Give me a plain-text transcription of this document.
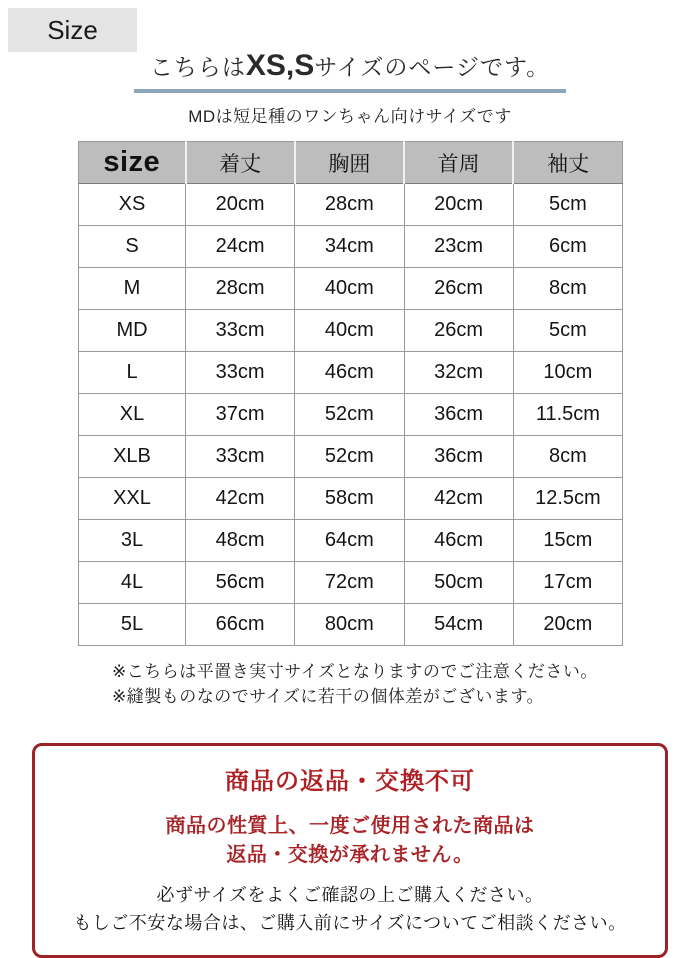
Size
こちらはXS,Sサイズのページです。
MDは短足種のワンちゃん向けサイズです
size	着丈	胸囲	首周	袖丈
XS	20cm	28cm	20cm	5cm
S	24cm	34cm	23cm	6cm
M	28cm	40cm	26cm	8cm
MD	33cm	40cm	26cm	5cm
L	33cm	46cm	32cm	10cm
XL	37cm	52cm	36cm	11.5cm
XLB	33cm	52cm	36cm	8cm
XXL	42cm	58cm	42cm	12.5cm
3L	48cm	64cm	46cm	15cm
4L	56cm	72cm	50cm	17cm
5L	66cm	80cm	54cm	20cm
※こちらは平置き実寸サイズとなりますのでご注意ください。
※縫製ものなのでサイズに若干の個体差がございます。
商品の返品・交換不可
商品の性質上、一度ご使用された商品は
返品・交換が承れません。
必ずサイズをよくご確認の上ご購入ください。
もしご不安な場合は、ご購入前にサイズについてご相談ください。
